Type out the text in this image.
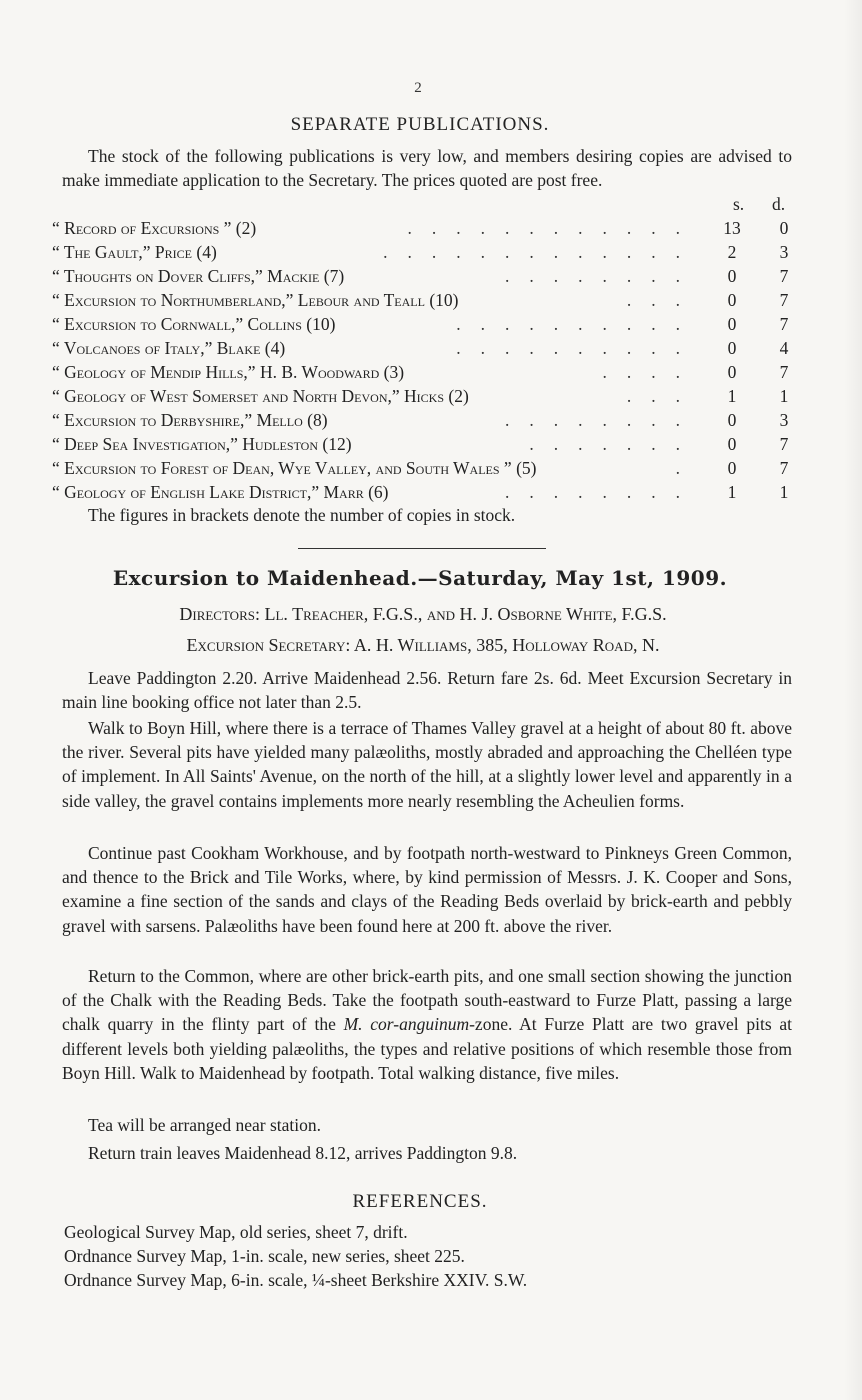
2
SEPARATE PUBLICATIONS.

The stock of the following publications is very low, and members desiring copies are advised to make immediate application to the Secretary. The prices quoted are post free.

s. d.
“ Record of Excursions ” (2)	............ 13	0
“ The Gault,” Price (4)	.............	2	3
“ Thoughts on Dover Cliffs,” Mackie (7)	........	0	7
“ Excursion to Northumberland,” Lebour and Teall (10)	...	0	7
“ Excursion to Cornwall,” Collins (10)	..........	0	7
“ Volcanoes of Italy,” Blake (4)	..........	0	4
“ Geology of Mendip Hills,” H. B. Woodward (3)	....	0	7
“ Geology of West Somerset and North Devon,” Hicks (2)	...	1	1
“ Excursion to Derbyshire,” Mello (8)	........	0	3
“ Deep Sea Investigation,” Hudleston (12)	.......	0	7
“ Excursion to Forest of Dean, Wye Valley, and South Wales ” (5)	.	0	7
“ Geology of English Lake District,” Marr (6)	........	1	1

The figures in brackets denote the number of copies in stock.

Excursion to Maidenhead.—Saturday, May 1st, 1909.
Directors: Ll. Treacher, F.G.S., and H. J. Osborne White, F.G.S.
Excursion Secretary: A. H. Williams, 385, Holloway Road, N.

Leave Paddington 2.20. Arrive Maidenhead 2.56. Return fare 2s. 6d. Meet Excursion Secretary in main line booking office not later than 2.5.

Walk to Boyn Hill, where there is a terrace of Thames Valley gravel at a height of about 80 ft. above the river. Several pits have yielded many palæoliths, mostly abraded and approaching the Chelléen type of implement. In All Saints' Avenue, on the north of the hill, at a slightly lower level and apparently in a side valley, the gravel contains implements more nearly resembling the Acheulien forms.

Continue past Cookham Workhouse, and by footpath north-westward to Pinkneys Green Common, and thence to the Brick and Tile Works, where, by kind permission of Messrs. J. K. Cooper and Sons, examine a fine section of the sands and clays of the Reading Beds overlaid by brick-earth and pebbly gravel with sarsens. Palæoliths have been found here at 200 ft. above the river.

Return to the Common, where are other brick-earth pits, and one small section showing the junction of the Chalk with the Reading Beds. Take the footpath south-eastward to Furze Platt, passing a large chalk quarry in the flinty part of the M. cor-anguinum-zone. At Furze Platt are two gravel pits at different levels both yielding palæoliths, the types and relative positions of which resemble those from Boyn Hill. Walk to Maidenhead by footpath. Total walking distance, five miles.

Tea will be arranged near station.

Return train leaves Maidenhead 8.12, arrives Paddington 9.8.

REFERENCES.
Geological Survey Map, old series, sheet 7, drift.
Ordnance Survey Map, 1-in. scale, new series, sheet 225.
Ordnance Survey Map, 6-in. scale, ¼-sheet Berkshire XXIV. S.W.
